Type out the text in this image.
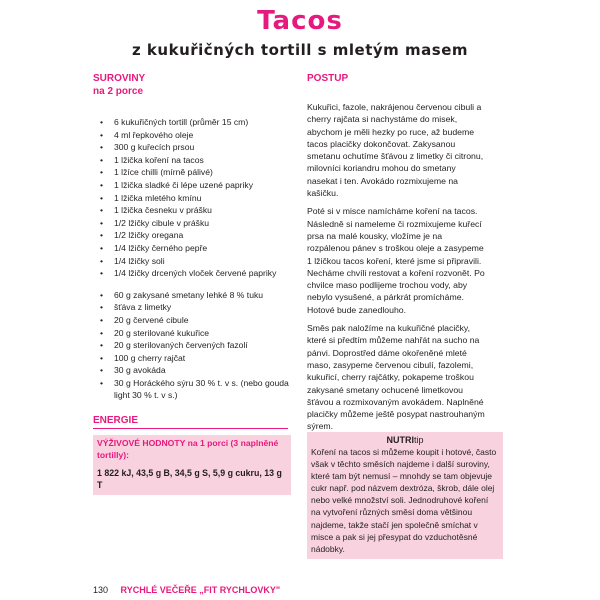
Tacos
z kukuřičných tortill s mletým masem
SUROVINY
na 2 porce
• 6 kukuřičných tortill (průměr 15 cm)
• 4 ml řepkového oleje
• 300 g kuřecích prsou
• 1 lžička koření na tacos
• 1 lžíce chilli (mírně pálivé)
• 1 lžička sladké či lépe uzené papriky
• 1 lžička mletého kmínu
• 1 lžička česneku v prášku
• 1/2 lžičky cibule v prášku
• 1/2 lžičky oregana
• 1/4 lžičky černého pepře
• 1/4 lžičky soli
• 1/4 lžičky drcených vloček červené papriky
• 60 g zakysané smetany lehké 8 % tuku
• šťáva z limetky
• 20 g červené cibule
• 20 g sterilované kukuřice
• 20 g sterilovaných červených fazolí
• 100 g cherry rajčat
• 30 g avokáda
• 30 g Horáckého sýru 30 % t. v s. (nebo gouda light 30 % t. v s.)
ENERGIE
VÝŽIVOVÉ HODNOTY na 1 porci (3 naplněné tortilly):
1 822 kJ, 43,5 g B, 34,5 g S, 5,9 g cukru, 13 g T
POSTUP

Kukuřici, fazole, nakrájenou červenou cibuli a cherry rajčata si nachystáme do misek, abychom je měli hezky po ruce, až budeme tacos placičky dokončovat. Zakysanou smetanu ochutíme šťávou z limetky či citronu, milovníci koriandru mohou do smetany nasekat i ten. Avokádo rozmixujeme na kašičku.

Poté si v misce namícháme koření na tacos. Následně si nameleme či rozmixujeme kuřecí prsa na malé kousky, vložíme je na rozpálenou pánev s troškou oleje a zasypeme 1 lžičkou tacos koření, které jsme si připravili. Necháme chvíli restovat a koření rozvonět. Po chvilce maso podlijeme trochou vody, aby nebylo vysušené, a párkrát promícháme. Hotové bude zanedlouho.

Směs pak naložíme na kukuřičné placičky, které si předtím můžeme nahřát na sucho na pánvi. Doprostřed dáme okořeněné mleté maso, zasypeme červenou cibulí, fazolemi, kukuřicí, cherry rajčátky, pokapeme troškou zakysané smetany ochucené limetkovou šťávou a rozmixovaným avokádem. Naplněné placičky můžeme ještě posypat nastrouhaným sýrem.

NUTRItip

Koření na tacos si můžeme koupit i hotové, často však v těchto směsích najdeme i další suroviny, které tam být nemusí – mnohdy se tam objevuje cukr např. pod názvem dextróza, škrob, dále olej nebo velké množství soli. Jednodruhové koření na vytvoření různých směsí doma většinou najdeme, takže stačí jen společně smíchat v misce a pak si jej přesypat do vzduchotěsné nádobky.

130 RYCHLÉ VEČEŘE „FIT RYCHLOVKY"
